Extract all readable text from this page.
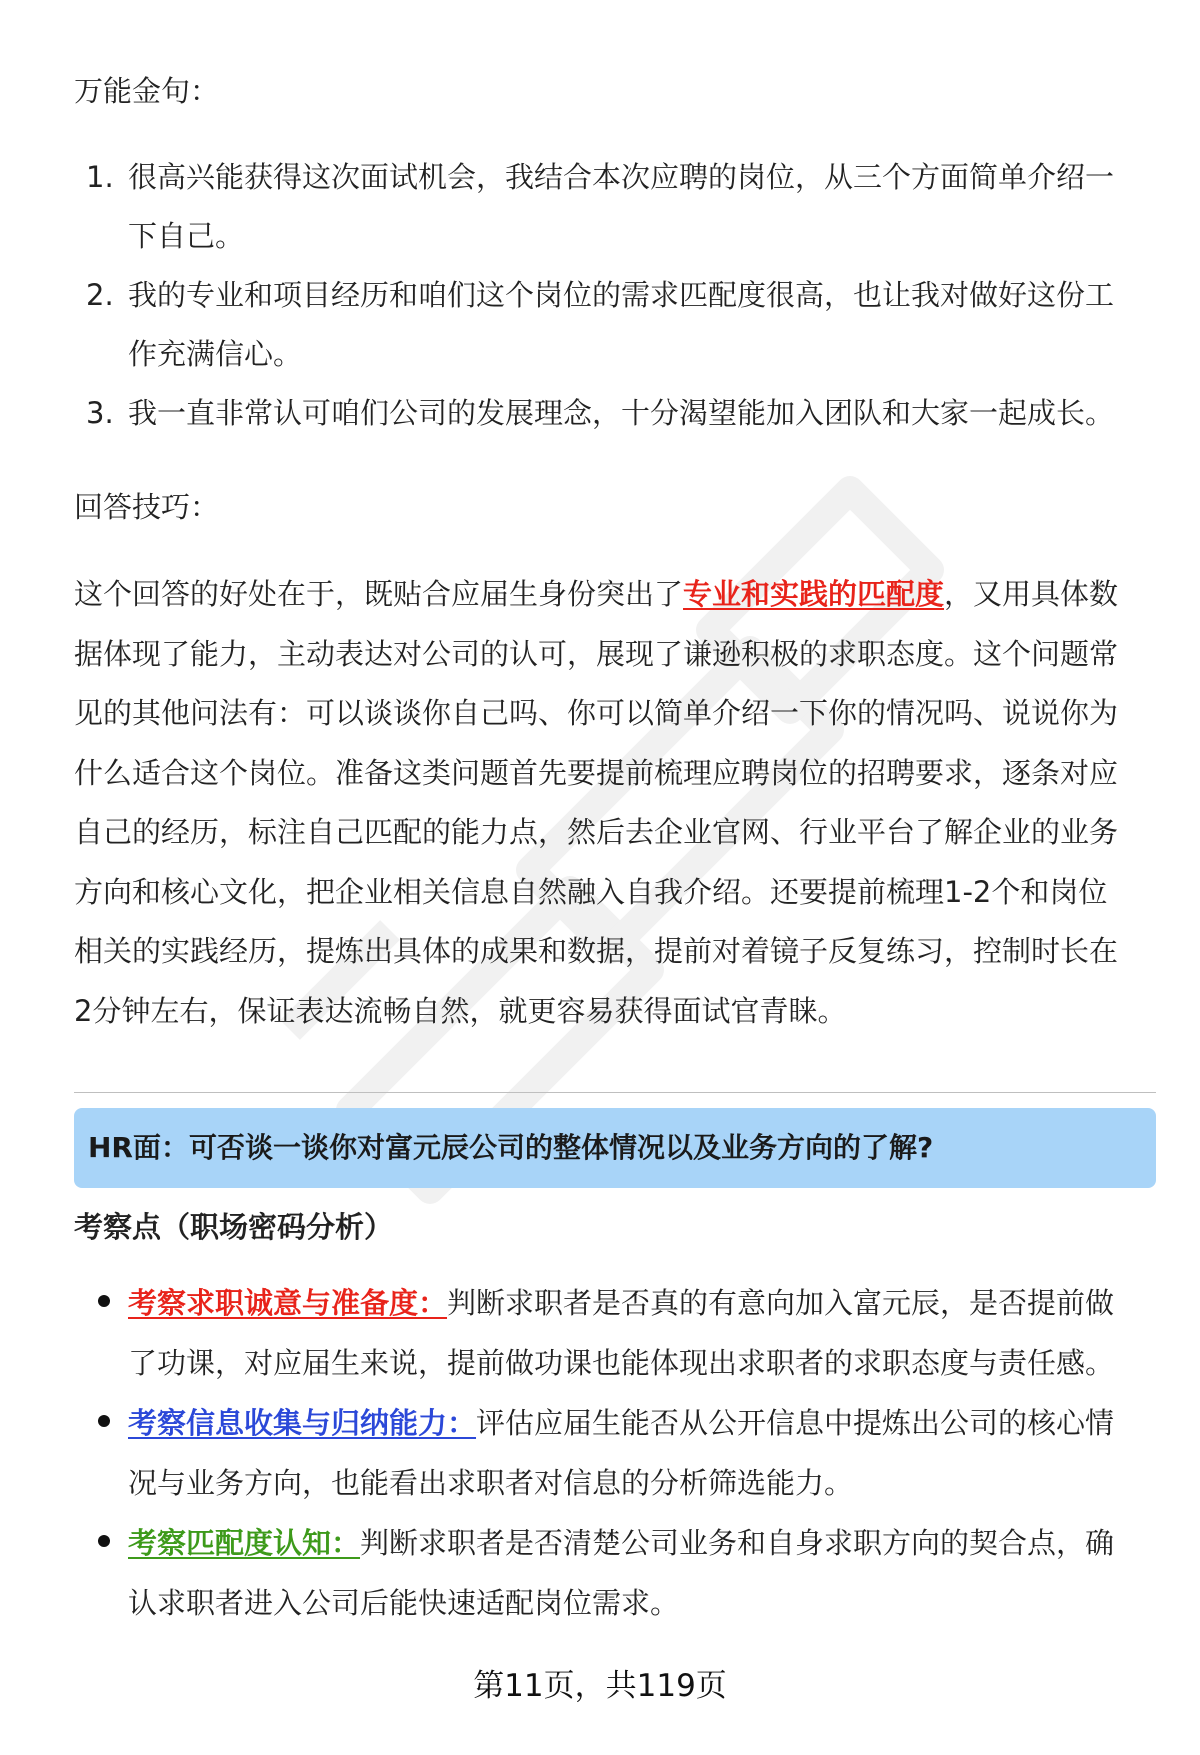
万能金句：
1. 很高兴能获得这次面试机会，我结合本次应聘的岗位，从三个方面简单介绍一
下自己。
2. 我的专业和项目经历和咱们这个岗位的需求匹配度很高，也让我对做好这份工
作充满信心。
3. 我一直非常认可咱们公司的发展理念，十分渴望能加入团队和大家一起成长。
回答技巧：
这个回答的好处在于，既贴合应届生身份突出了专业和实践的匹配度，又用具体数
据体现了能力，主动表达对公司的认可，展现了谦逊积极的求职态度。这个问题常
见的其他问法有：可以谈谈你自己吗、你可以简单介绍一下你的情况吗、说说你为
什么适合这个岗位。准备这类问题首先要提前梳理应聘岗位的招聘要求，逐条对应
自己的经历，标注自己匹配的能力点，然后去企业官网、行业平台了解企业的业务
方向和核心文化，把企业相关信息自然融入自我介绍。还要提前梳理1-2个和岗位
相关的实践经历，提炼出具体的成果和数据，提前对着镜子反复练习，控制时长在
2分钟左右，保证表达流畅自然，就更容易获得面试官青睐。
HR面：可否谈一谈你对富元辰公司的整体情况以及业务方向的了解?
考察点（职场密码分析）
考察求职诚意与准备度：判断求职者是否真的有意向加入富元辰，是否提前做
了功课，对应届生来说，提前做功课也能体现出求职者的求职态度与责任感。
考察信息收集与归纳能力：评估应届生能否从公开信息中提炼出公司的核心情
况与业务方向，也能看出求职者对信息的分析筛选能力。
考察匹配度认知：判断求职者是否清楚公司业务和自身求职方向的契合点，确
认求职者进入公司后能快速适配岗位需求。
第11页，共119页
